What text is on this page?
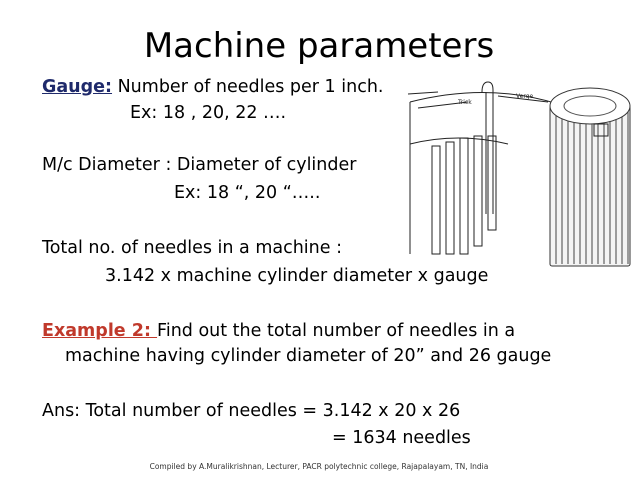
Machine parameters
Gauge: Number of needles per 1 inch.
Ex: 18 , 20, 22 ….
M/c Diameter : Diameter of cylinder
Ex: 18 “, 20 “…..
Total no. of needles in a machine :
3.142 x machine cylinder diameter x gauge
Example 2: Find out the total number of needles in a
machine having cylinder diameter of 20” and 26 gauge
Ans: Total number of needles = 3.142 x 20 x 26
= 1634 needles
Trick
Verge
Compiled by A.Muralikrishnan, Lecturer, PACR polytechnic college, Rajapalayam, TN, India
